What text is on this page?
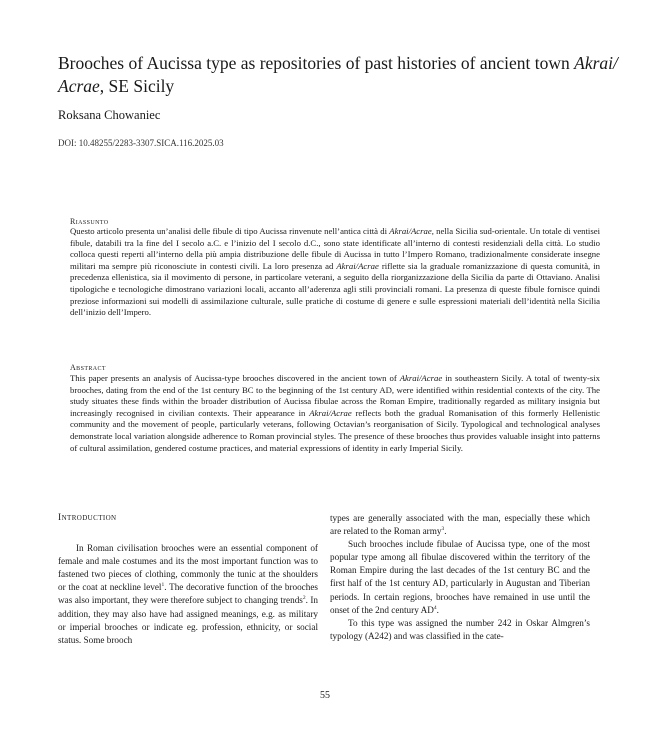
Brooches of Aucissa type as repositories of past histories of ancient town Akrai/ Acrae, SE Sicily

Roksana Chowaniec

DOI: 10.48255/2283-3307.SICA.116.2025.03

Riassunto

Questo articolo presenta un’analisi delle fibule di tipo Aucissa rinvenute nell’antica città di Akrai/Acrae, nella Sicilia sud-orientale. Un totale di ventisei fibule, databili tra la fine del I secolo a.C. e l’inizio del I secolo d.C., sono state identificate all’interno di contesti residenziali della città. Lo studio colloca questi reperti all’interno della più ampia distribuzione delle fibule di Aucissa in tutto l’Impero Romano, tradizionalmente considerate insegne militari ma sempre più riconosciute in contesti civili. La loro presenza ad Akrai/Acrae riflette sia la graduale romanizzazione di questa comunità, in precedenza ellenistica, sia il movimento di persone, in particolare veterani, a seguito della riorganizzazione della Sicilia da parte di Ottaviano. Analisi tipologiche e tecnologiche dimostrano variazioni locali, accanto all’aderenza agli stili provinciali romani. La presenza di queste fibule fornisce quindi preziose informazioni sui modelli di assimilazione culturale, sulle pratiche di costume di genere e sulle espressioni materiali dell’identità nella Sicilia dell’inizio dell’Impero.

Abstract

This paper presents an analysis of Aucissa-type brooches discovered in the ancient town of Akrai/Acrae in southeastern Sicily. A total of twenty-six brooches, dating from the end of the 1st century BC to the beginning of the 1st century AD, were identified within residential contexts of the city. The study situates these finds within the broader distribution of Aucissa fibulae across the Roman Empire, traditionally regarded as military insignia but increasingly recognised in civilian contexts. Their appearance in Akrai/Acrae reflects both the gradual Romanisation of this formerly Hellenistic community and the movement of people, particularly veterans, following Octavian’s reorganisation of Sicily. Typological and technological analyses demonstrate local variation alongside adherence to Roman provincial styles. The presence of these brooches thus provides valuable insight into patterns of cultural assimilation, gendered costume practices, and material expressions of identity in early Imperial Sicily.

Introduction

In Roman civilisation brooches were an essential component of female and male costumes and its the most important function was to fastened two pieces of clothing, commonly the tunic at the shoulders or the coat at neckline level$^1$. The decorative function of the brooches was also important, they were therefore subject to changing trends$^2$. In addition, they may also have had assigned meanings, e.g. as military or imperial brooches or indicate eg. profession, ethnicity, or social status. Some brooch

types are generally associated with the man, especially these which are related to the Roman army$^3$.

Such brooches include fibulae of Aucissa type, one of the most popular type among all fibulae discovered within the territory of the Roman Empire during the last decades of the 1st century BC and the first half of the 1st century AD, particularly in Augustan and Tiberian periods. In certain regions, brooches have remained in use until the onset of the 2nd century $AD^4$.

To this type was assigned the number 242 in Oskar Almgren’s typology (A242) and was classified in the cate-

55
